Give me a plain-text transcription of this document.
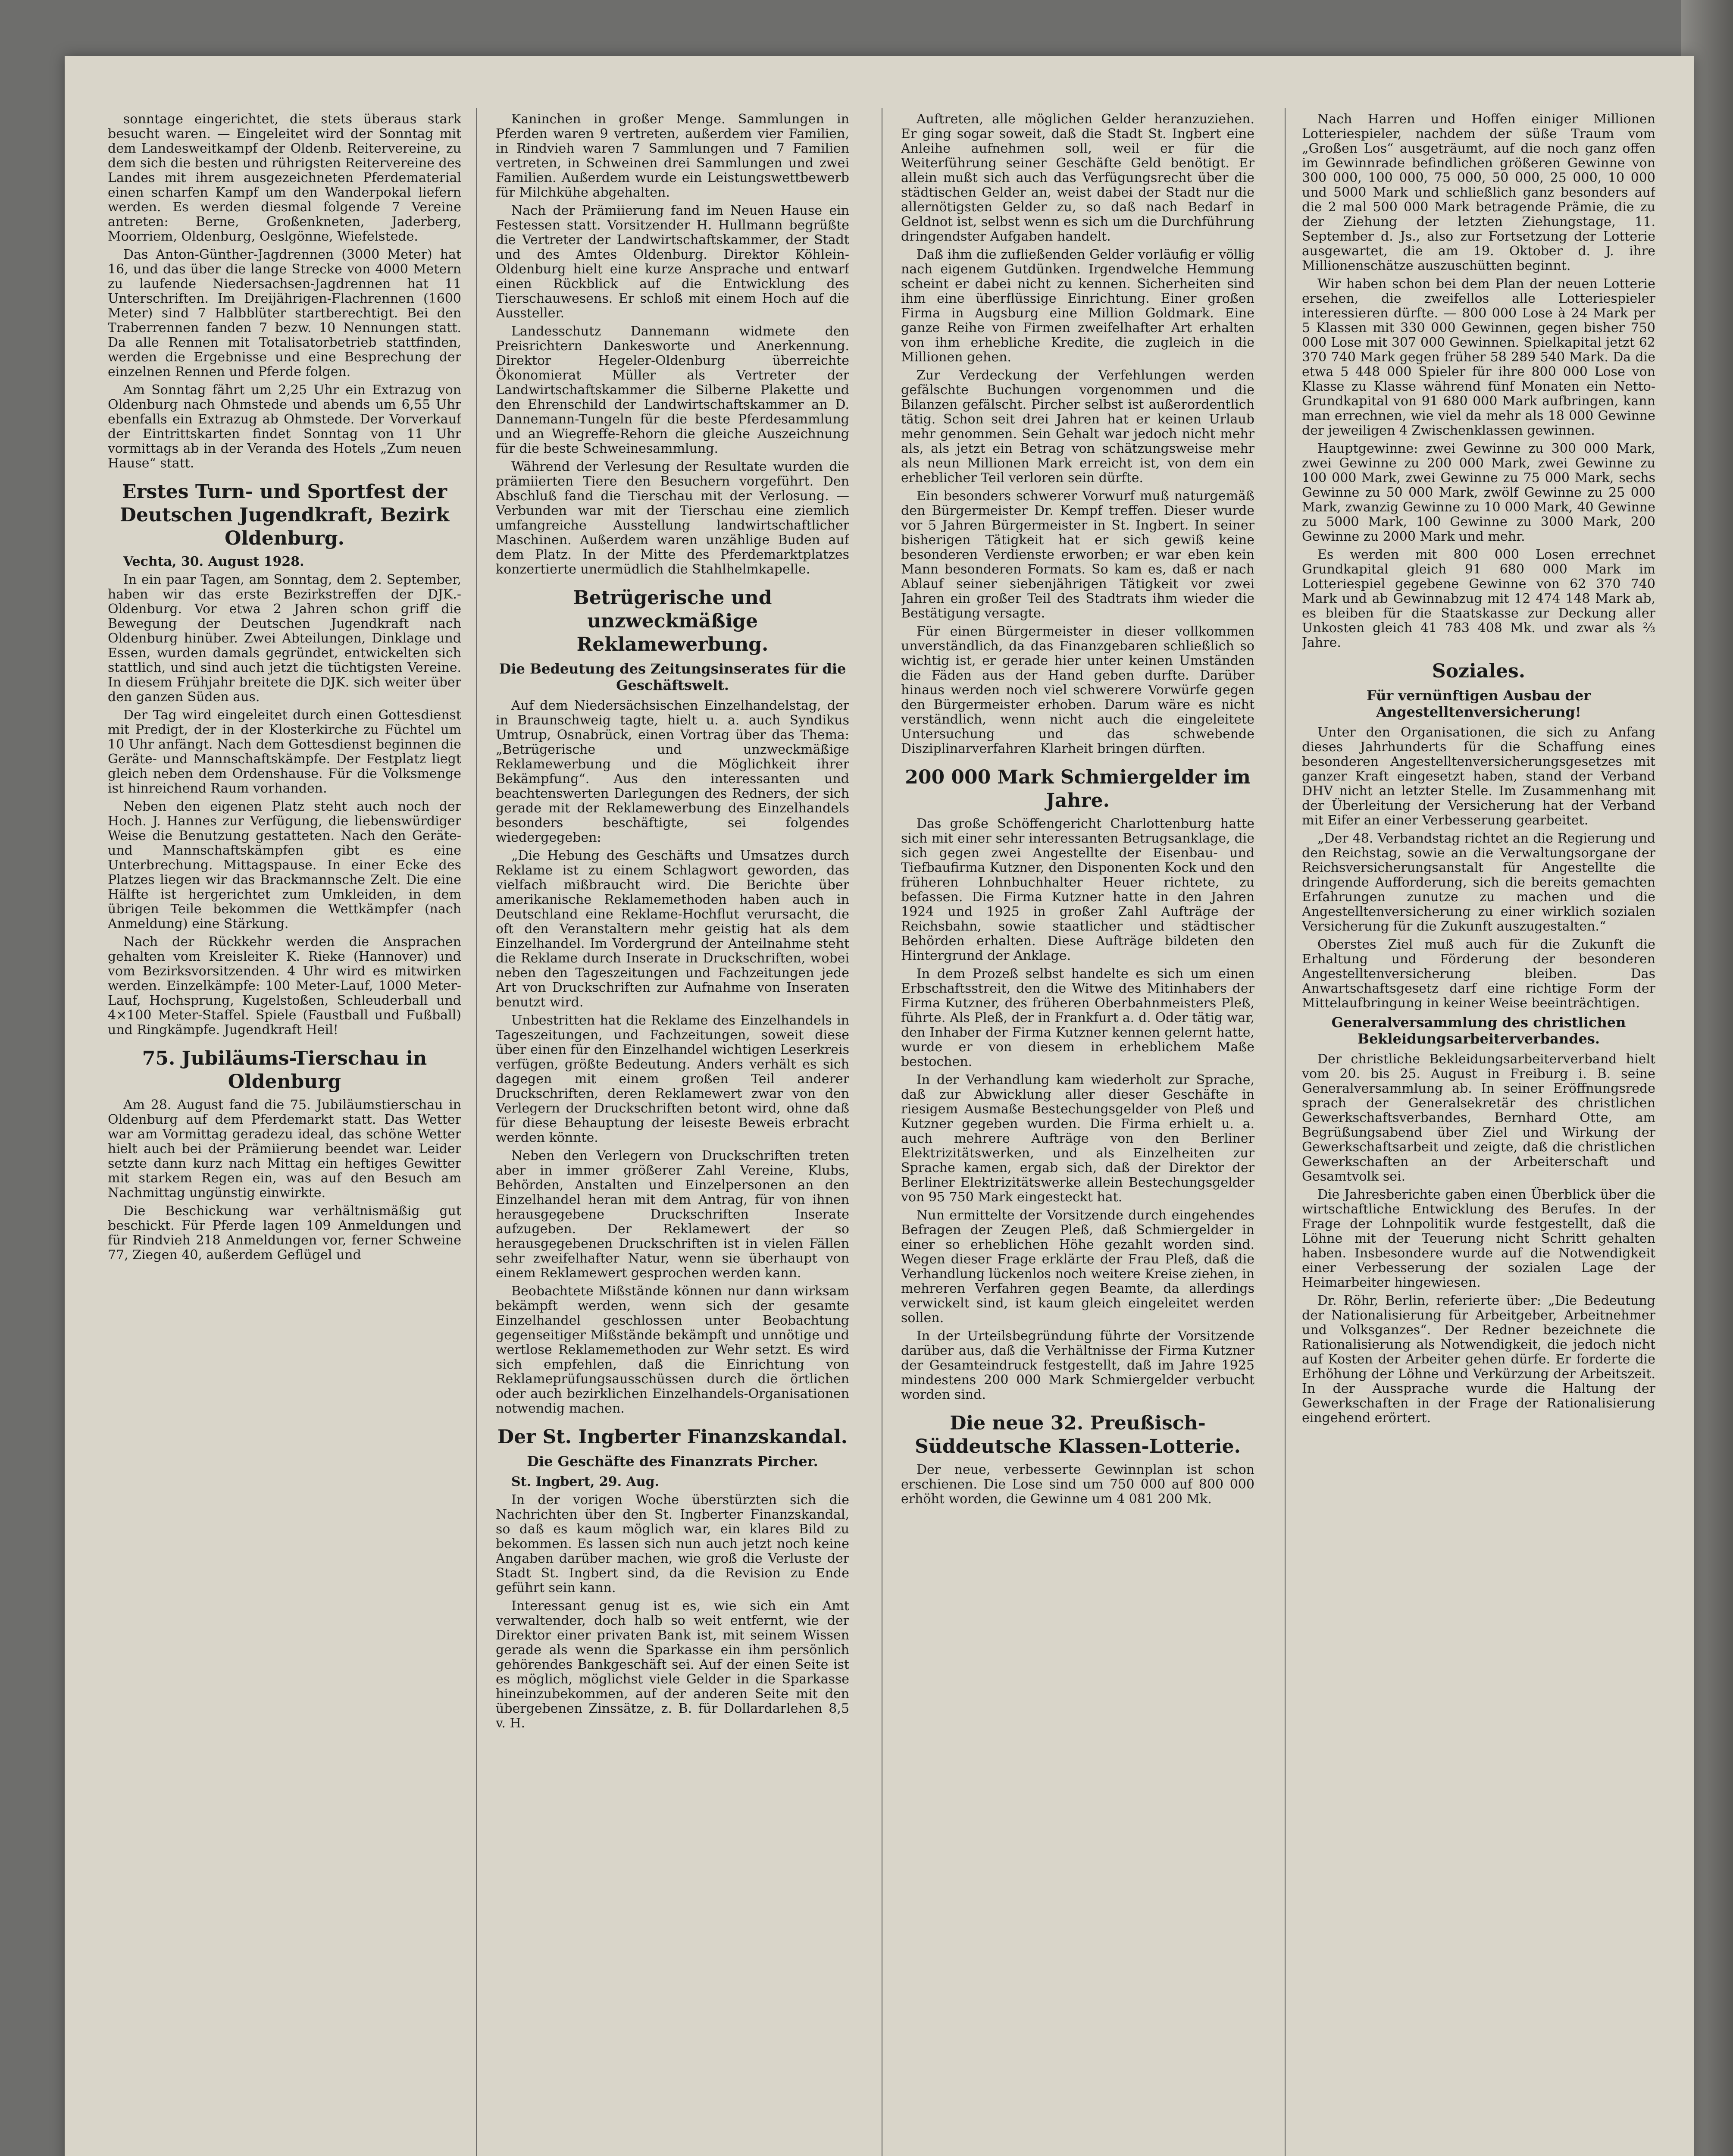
sonntage eingerichtet, die stets überaus stark besucht waren. — Eingeleitet wird der Sonntag mit dem Landesweitkampf der Oldenb. Reitervereine, zu dem sich die besten und rührigsten Reitervereine des Landes mit ihrem ausgezeichneten Pferdematerial einen scharfen Kampf um den Wanderpokal liefern werden. Es werden diesmal folgende 7 Vereine antreten: Berne, Großenkneten, Jaderberg, Moorriem, Oldenburg, Oeslgönne, Wiefelstede.

Das Anton-Günther-Jagdrennen (3000 Meter) hat 16, und das über die lange Strecke von 4000 Metern zu laufende Niedersachsen-Jagdrennen hat 11 Unterschriften. Im Dreijährigen-Flachrennen (1600 Meter) sind 7 Halbblüter startberechtigt. Bei den Traberrennen fanden 7 bezw. 10 Nennungen statt. Da alle Rennen mit Totalisatorbetrieb stattfinden, werden die Ergebnisse und eine Besprechung der einzelnen Rennen und Pferde folgen.

Am Sonntag fährt um 2,25 Uhr ein Extrazug von Oldenburg nach Ohmstede und abends um 6,55 Uhr ebenfalls ein Extrazug ab Ohmstede. Der Vorverkauf der Eintrittskarten findet Sonntag von 11 Uhr vormittags ab in der Veranda des Hotels „Zum neuen Hause“ statt.

Erstes Turn- und Sportfest der Deutschen Jugendkraft, Bezirk Oldenburg.

Vechta, 30. August 1928.

In ein paar Tagen, am Sonntag, dem 2. September, haben wir das erste Bezirkstreffen der DJK.-Oldenburg. Vor etwa 2 Jahren schon griff die Bewegung der Deutschen Jugendkraft nach Oldenburg hinüber. Zwei Abteilungen, Dinklage und Essen, wurden damals gegründet, entwickelten sich stattlich, und sind auch jetzt die tüchtigsten Vereine. In diesem Frühjahr breitete die DJK. sich weiter über den ganzen Süden aus.

Der Tag wird eingeleitet durch einen Gottesdienst mit Predigt, der in der Klosterkirche zu Füchtel um 10 Uhr anfängt. Nach dem Gottesdienst beginnen die Geräte- und Mannschaftskämpfe. Der Festplatz liegt gleich neben dem Ordenshause. Für die Volksmenge ist hinreichend Raum vorhanden.

Neben den eigenen Platz steht auch noch der Hoch. J. Hannes zur Verfügung, die liebenswürdiger Weise die Benutzung gestatteten. Nach den Geräte- und Mannschaftskämpfen gibt es eine Unterbrechung. Mittagspause. In einer Ecke des Platzes liegen wir das Brackmannsche Zelt. Die eine Hälfte ist hergerichtet zum Umkleiden, in dem übrigen Teile bekommen die Wettkämpfer (nach Anmeldung) eine Stärkung.

Nach der Rückkehr werden die Ansprachen gehalten vom Kreisleiter K. Rieke (Hannover) und vom Bezirksvorsitzenden. 4 Uhr wird es mitwirken werden. Einzelkämpfe: 100 Meter-Lauf, 1000 Meter-Lauf, Hochsprung, Kugelstoßen, Schleuderball und 4×100 Meter-Staffel. Spiele (Faustball und Fußball) und Ringkämpfe. Jugendkraft Heil!

75. Jubiläums-Tierschau in Oldenburg

Am 28. August fand die 75. Jubiläumstierschau in Oldenburg auf dem Pferdemarkt statt. Das Wetter war am Vormittag geradezu ideal, das schöne Wetter hielt auch bei der Prämiierung beendet war. Leider setzte dann kurz nach Mittag ein heftiges Gewitter mit starkem Regen ein, was auf den Besuch am Nachmittag ungünstig einwirkte.

Die Beschickung war verhältnismäßig gut beschickt. Für Pferde lagen 109 Anmeldungen und für Rindvieh 218 Anmeldungen vor, ferner Schweine 77, Ziegen 40, außerdem Geflügel und

Kaninchen in großer Menge. Sammlungen in Pferden waren 9 vertreten, außerdem vier Familien, in Rindvieh waren 7 Sammlungen und 7 Familien vertreten, in Schweinen drei Sammlungen und zwei Familien. Außerdem wurde ein Leistungswettbewerb für Milchkühe abgehalten.

Nach der Prämiierung fand im Neuen Hause ein Festessen statt. Vorsitzender H. Hullmann begrüßte die Vertreter der Landwirtschaftskammer, der Stadt und des Amtes Oldenburg. Direktor Köhlein-Oldenburg hielt eine kurze Ansprache und entwarf einen Rückblick auf die Entwicklung des Tierschauwesens. Er schloß mit einem Hoch auf die Aussteller.

Landesschutz Dannemann widmete den Preisrichtern Dankesworte und Anerkennung. Direktor Hegeler-Oldenburg überreichte Ökonomierat Müller als Vertreter der Landwirtschaftskammer die Silberne Plakette und den Ehrenschild der Landwirtschaftskammer an D. Dannemann-Tungeln für die beste Pferdesammlung und an Wiegreffe-Rehorn die gleiche Auszeichnung für die beste Schweinesammlung.

Während der Verlesung der Resultate wurden die prämiierten Tiere den Besuchern vorgeführt. Den Abschluß fand die Tierschau mit der Verlosung. — Verbunden war mit der Tierschau eine ziemlich umfangreiche Ausstellung landwirtschaftlicher Maschinen. Außerdem waren unzählige Buden auf dem Platz. In der Mitte des Pferdemarktplatzes konzertierte unermüdlich die Stahlhelmkapelle.

Betrügerische und unzweckmäßige Reklamewerbung.
Die Bedeutung des Zeitungsinserates für die Geschäftswelt.

Auf dem Niedersächsischen Einzelhandelstag, der in Braunschweig tagte, hielt u. a. auch Syndikus Umtrup, Osnabrück, einen Vortrag über das Thema: „Betrügerische und unzweckmäßige Reklamewerbung und die Möglichkeit ihrer Bekämpfung“. Aus den interessanten und beachtenswerten Darlegungen des Redners, der sich gerade mit der Reklamewerbung des Einzelhandels besonders beschäftigte, sei folgendes wiedergegeben:

„Die Hebung des Geschäfts und Umsatzes durch Reklame ist zu einem Schlagwort geworden, das vielfach mißbraucht wird. Die Berichte über amerikanische Reklamemethoden haben auch in Deutschland eine Reklame-Hochflut verursacht, die oft den Veranstaltern mehr geistig hat als dem Einzelhandel. Im Vordergrund der Anteilnahme steht die Reklame durch Inserate in Druckschriften, wobei neben den Tageszeitungen und Fachzeitungen jede Art von Druckschriften zur Aufnahme von Inseraten benutzt wird.

Unbestritten hat die Reklame des Einzelhandels in Tageszeitungen, und Fachzeitungen, soweit diese über einen für den Einzelhandel wichtigen Leserkreis verfügen, größte Bedeutung. Anders verhält es sich dagegen mit einem großen Teil anderer Druckschriften, deren Reklamewert zwar von den Verlegern der Druckschriften betont wird, ohne daß für diese Behauptung der leiseste Beweis erbracht werden könnte.

Neben den Verlegern von Druckschriften treten aber in immer größerer Zahl Vereine, Klubs, Behörden, Anstalten und Einzelpersonen an den Einzelhandel heran mit dem Antrag, für von ihnen herausgegebene Druckschriften Inserate aufzugeben. Der Reklamewert der so herausgegebenen Druckschriften ist in vielen Fällen sehr zweifelhafter Natur, wenn sie überhaupt von einem Reklamewert gesprochen werden kann.

Beobachtete Mißstände können nur dann wirksam bekämpft werden, wenn sich der gesamte Einzelhandel geschlossen unter Beobachtung gegenseitiger Mißstände bekämpft und unnötige und wertlose Reklamemethoden zur Wehr setzt. Es wird sich empfehlen, daß die Einrichtung von Reklameprüfungsausschüssen durch die örtlichen oder auch bezirklichen Einzelhandels-Organisationen notwendig machen.

Der St. Ingberter Finanzskandal.
Die Geschäfte des Finanzrats Pircher.

St. Ingbert, 29. Aug.

In der vorigen Woche überstürzten sich die Nachrichten über den St. Ingberter Finanzskandal, so daß es kaum möglich war, ein klares Bild zu bekommen. Es lassen sich nun auch jetzt noch keine Angaben darüber machen, wie groß die Verluste der Stadt St. Ingbert sind, da die Revision zu Ende geführt sein kann.

Interessant genug ist es, wie sich ein Amt verwaltender, doch halb so weit entfernt, wie der Direktor einer privaten Bank ist, mit seinem Wissen gerade als wenn die Sparkasse ein ihm persönlich gehörendes Bankgeschäft sei. Auf der einen Seite ist es möglich, möglichst viele Gelder in die Sparkasse hineinzubekommen, auf der anderen Seite mit den übergebenen Zinssätze, z. B. für Dollardarlehen 8,5 v. H.

Auftreten, alle möglichen Gelder heranzuziehen. Er ging sogar soweit, daß die Stadt St. Ingbert eine Anleihe aufnehmen soll, weil er für die Weiterführung seiner Geschäfte Geld benötigt. Er allein mußt sich auch das Verfügungsrecht über die städtischen Gelder an, weist dabei der Stadt nur die allernötigsten Gelder zu, so daß nach Bedarf in Geldnot ist, selbst wenn es sich um die Durchführung dringendster Aufgaben handelt.

Daß ihm die zufließenden Gelder vorläufig er völlig nach eigenem Gutdünken. Irgendwelche Hemmung scheint er dabei nicht zu kennen. Sicherheiten sind ihm eine überflüssige Einrichtung. Einer großen Firma in Augsburg eine Million Goldmark. Eine ganze Reihe von Firmen zweifelhafter Art erhalten von ihm erhebliche Kredite, die zugleich in die Millionen gehen.

Zur Verdeckung der Verfehlungen werden gefälschte Buchungen vorgenommen und die Bilanzen gefälscht. Pircher selbst ist außerordentlich tätig. Schon seit drei Jahren hat er keinen Urlaub mehr genommen. Sein Gehalt war jedoch nicht mehr als, als jetzt ein Betrag von schätzungsweise mehr als neun Millionen Mark erreicht ist, von dem ein erheblicher Teil verloren sein dürfte.

Ein besonders schwerer Vorwurf muß naturgemäß den Bürgermeister Dr. Kempf treffen. Dieser wurde vor 5 Jahren Bürgermeister in St. Ingbert. In seiner bisherigen Tätigkeit hat er sich gewiß keine besonderen Verdienste erworben; er war eben kein Mann besonderen Formats. So kam es, daß er nach Ablauf seiner siebenjährigen Tätigkeit vor zwei Jahren ein großer Teil des Stadtrats ihm wieder die Bestätigung versagte.

Für einen Bürgermeister in dieser vollkommen unverständlich, da das Finanzgebaren schließlich so wichtig ist, er gerade hier unter keinen Umständen die Fäden aus der Hand geben durfte. Darüber hinaus werden noch viel schwerere Vorwürfe gegen den Bürgermeister erhoben. Darum wäre es nicht verständlich, wenn nicht auch die eingeleitete Untersuchung und das schwebende Disziplinarverfahren Klarheit bringen dürften.

200 000 Mark Schmiergelder im Jahre.

Das große Schöffengericht Charlottenburg hatte sich mit einer sehr interessanten Betrugsanklage, die sich gegen zwei Angestellte der Eisenbau- und Tiefbaufirma Kutzner, den Disponenten Kock und den früheren Lohnbuchhalter Heuer richtete, zu befassen. Die Firma Kutzner hatte in den Jahren 1924 und 1925 in großer Zahl Aufträge der Reichsbahn, sowie staatlicher und städtischer Behörden erhalten. Diese Aufträge bildeten den Hintergrund der Anklage.

In dem Prozeß selbst handelte es sich um einen Erbschaftsstreit, den die Witwe des Mitinhabers der Firma Kutzner, des früheren Oberbahnmeisters Pleß, führte. Als Pleß, der in Frankfurt a. d. Oder tätig war, den Inhaber der Firma Kutzner kennen gelernt hatte, wurde er von diesem in erheblichem Maße bestochen.

In der Verhandlung kam wiederholt zur Sprache, daß zur Abwicklung aller dieser Geschäfte in riesigem Ausmaße Bestechungsgelder von Pleß und Kutzner gegeben wurden. Die Firma erhielt u. a. auch mehrere Aufträge von den Berliner Elektrizitätswerken, und als Einzelheiten zur Sprache kamen, ergab sich, daß der Direktor der Berliner Elektrizitätswerke allein Bestechungsgelder von 95 750 Mark eingesteckt hat.

Nun ermittelte der Vorsitzende durch eingehendes Befragen der Zeugen Pleß, daß Schmiergelder in einer so erheblichen Höhe gezahlt worden sind. Wegen dieser Frage erklärte der Frau Pleß, daß die Verhandlung lückenlos noch weitere Kreise ziehen, in mehreren Verfahren gegen Beamte, da allerdings verwickelt sind, ist kaum gleich eingeleitet werden sollen.

In der Urteilsbegründung führte der Vorsitzende darüber aus, daß die Verhältnisse der Firma Kutzner der Gesamteindruck festgestellt, daß im Jahre 1925 mindestens 200 000 Mark Schmiergelder verbucht worden sind.

Die neue 32. Preußisch-Süddeutsche Klassen-Lotterie.

Der neue, verbesserte Gewinnplan ist schon erschienen. Die Lose sind um 750 000 auf 800 000 erhöht worden, die Gewinne um 4 081 200 Mk.

Nach Harren und Hoffen einiger Millionen Lotteriespieler, nachdem der süße Traum vom „Großen Los“ ausgeträumt, auf die noch ganz offen im Gewinnrade befindlichen größeren Gewinne von 300 000, 100 000, 75 000, 50 000, 25 000, 10 000 und 5000 Mark und schließlich ganz besonders auf die 2 mal 500 000 Mark betragende Prämie, die zu der Ziehung der letzten Ziehungstage, 11. September d. Js., also zur Fortsetzung der Lotterie ausgewartet, die am 19. Oktober d. J. ihre Millionenschätze auszuschütten beginnt.

Wir haben schon bei dem Plan der neuen Lotterie ersehen, die zweifellos alle Lotteriespieler interessieren dürfte. — 800 000 Lose à 24 Mark per 5 Klassen mit 330 000 Gewinnen, gegen bisher 750 000 Lose mit 307 000 Gewinnen. Spielkapital jetzt 62 370 740 Mark gegen früher 58 289 540 Mark. Da die etwa 5 448 000 Spieler für ihre 800 000 Lose von Klasse zu Klasse während fünf Monaten ein Netto-Grundkapital von 91 680 000 Mark aufbringen, kann man errechnen, wie viel da mehr als 18 000 Gewinne der jeweiligen 4 Zwischenklassen gewinnen.

Hauptgewinne: zwei Gewinne zu 300 000 Mark, zwei Gewinne zu 200 000 Mark, zwei Gewinne zu 100 000 Mark, zwei Gewinne zu 75 000 Mark, sechs Gewinne zu 50 000 Mark, zwölf Gewinne zu 25 000 Mark, zwanzig Gewinne zu 10 000 Mark, 40 Gewinne zu 5000 Mark, 100 Gewinne zu 3000 Mark, 200 Gewinne zu 2000 Mark und mehr.

Es werden mit 800 000 Losen errechnet Grundkapital gleich 91 680 000 Mark im Lotteriespiel gegebene Gewinne von 62 370 740 Mark und ab Gewinnabzug mit 12 474 148 Mark ab, es bleiben für die Staatskasse zur Deckung aller Unkosten gleich 41 783 408 Mk. und zwar als ⅔ Jahre.

Soziales.
Für vernünftigen Ausbau der Angestelltenversicherung!

Unter den Organisationen, die sich zu Anfang dieses Jahrhunderts für die Schaffung eines besonderen Angestelltenversicherungsgesetzes mit ganzer Kraft eingesetzt haben, stand der Verband DHV nicht an letzter Stelle. Im Zusammenhang mit der Überleitung der Versicherung hat der Verband mit Eifer an einer Verbesserung gearbeitet.

„Der 48. Verbandstag richtet an die Regierung und den Reichstag, sowie an die Verwaltungsorgane der Reichsversicherungsanstalt für Angestellte die dringende Aufforderung, sich die bereits gemachten Erfahrungen zunutze zu machen und die Angestelltenversicherung zu einer wirklich sozialen Versicherung für die Zukunft auszugestalten.“

Oberstes Ziel muß auch für die Zukunft die Erhaltung und Förderung der besonderen Angestelltenversicherung bleiben. Das Anwartschaftsgesetz darf eine richtige Form der Mittelaufbringung in keiner Weise beeinträchtigen.

Generalversammlung des christlichen Bekleidungsarbeiterverbandes.

Der christliche Bekleidungsarbeiterverband hielt vom 20. bis 25. August in Freiburg i. B. seine Generalversammlung ab. In seiner Eröffnungsrede sprach der Generalsekretär des christlichen Gewerkschaftsverbandes, Bernhard Otte, am Begrüßungsabend über Ziel und Wirkung der Gewerkschaftsarbeit und zeigte, daß die christlichen Gewerkschaften an der Arbeiterschaft und Gesamtvolk sei.

Die Jahresberichte gaben einen Überblick über die wirtschaftliche Entwicklung des Berufes. In der Frage der Lohnpolitik wurde festgestellt, daß die Löhne mit der Teuerung nicht Schritt gehalten haben. Insbesondere wurde auf die Notwendigkeit einer Verbesserung der sozialen Lage der Heimarbeiter hingewiesen.

Dr. Röhr, Berlin, referierte über: „Die Bedeutung der Nationalisierung für Arbeitgeber, Arbeitnehmer und Volksganzes“. Der Redner bezeichnete die Rationalisierung als Notwendigkeit, die jedoch nicht auf Kosten der Arbeiter gehen dürfe. Er forderte die Erhöhung der Löhne und Verkürzung der Arbeitszeit. In der Aussprache wurde die Haltung der Gewerkschaften in der Frage der Rationalisierung eingehend erörtert.
